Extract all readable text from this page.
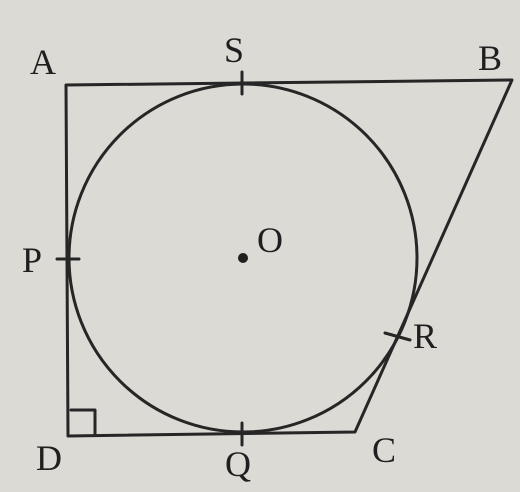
A	B
C
D
O
P
Q
R
S
